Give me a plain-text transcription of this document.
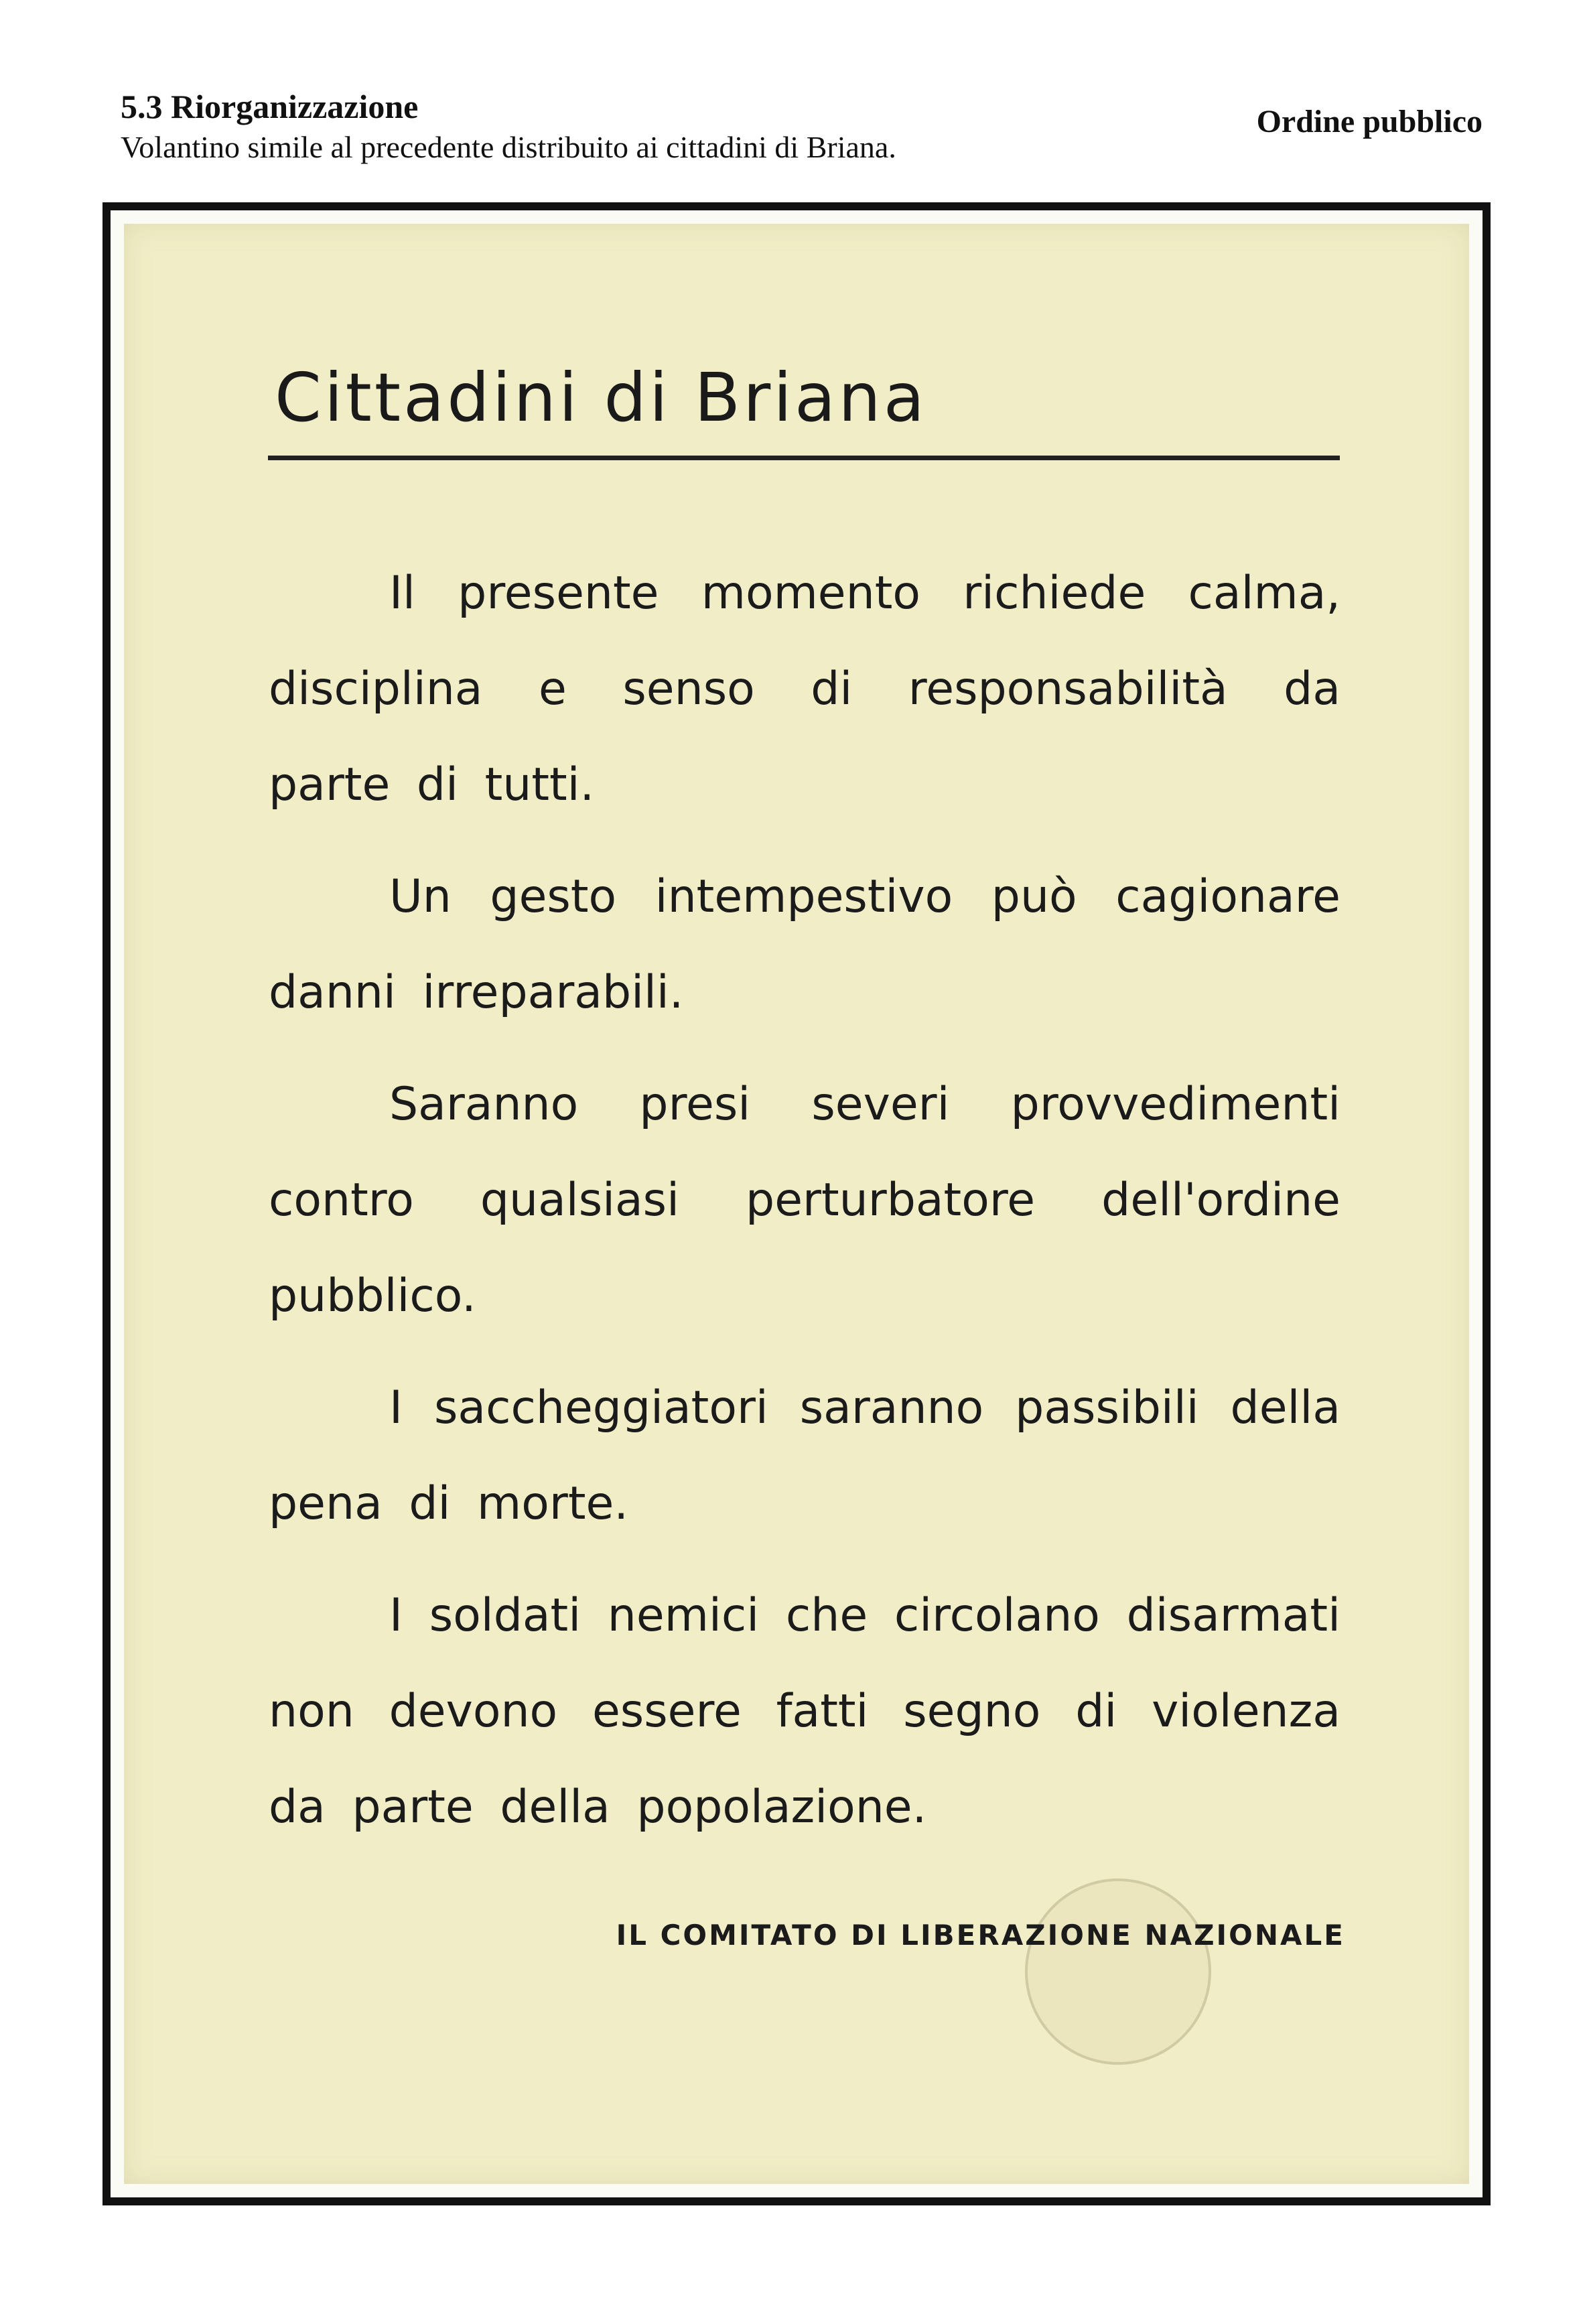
5.3 Riorganizzazione

Volantino simile al precedente distribuito ai cittadini di Briana.

Ordine pubblico
Cittadini di Briana

Il presente momento richiede calma, disciplina e senso di responsabilità da parte di tutti.

Un gesto intempestivo può cagionare danni irreparabili.

Saranno presi severi provvedimenti contro qualsiasi perturbatore dell'ordine pubblico.

I saccheggiatori saranno passibili della pena di morte.

I soldati nemici che circolano disarmati non devono essere fatti segno di violenza da parte della popolazione.

IL COMITATO DI LIBERAZIONE NAZIONALE
